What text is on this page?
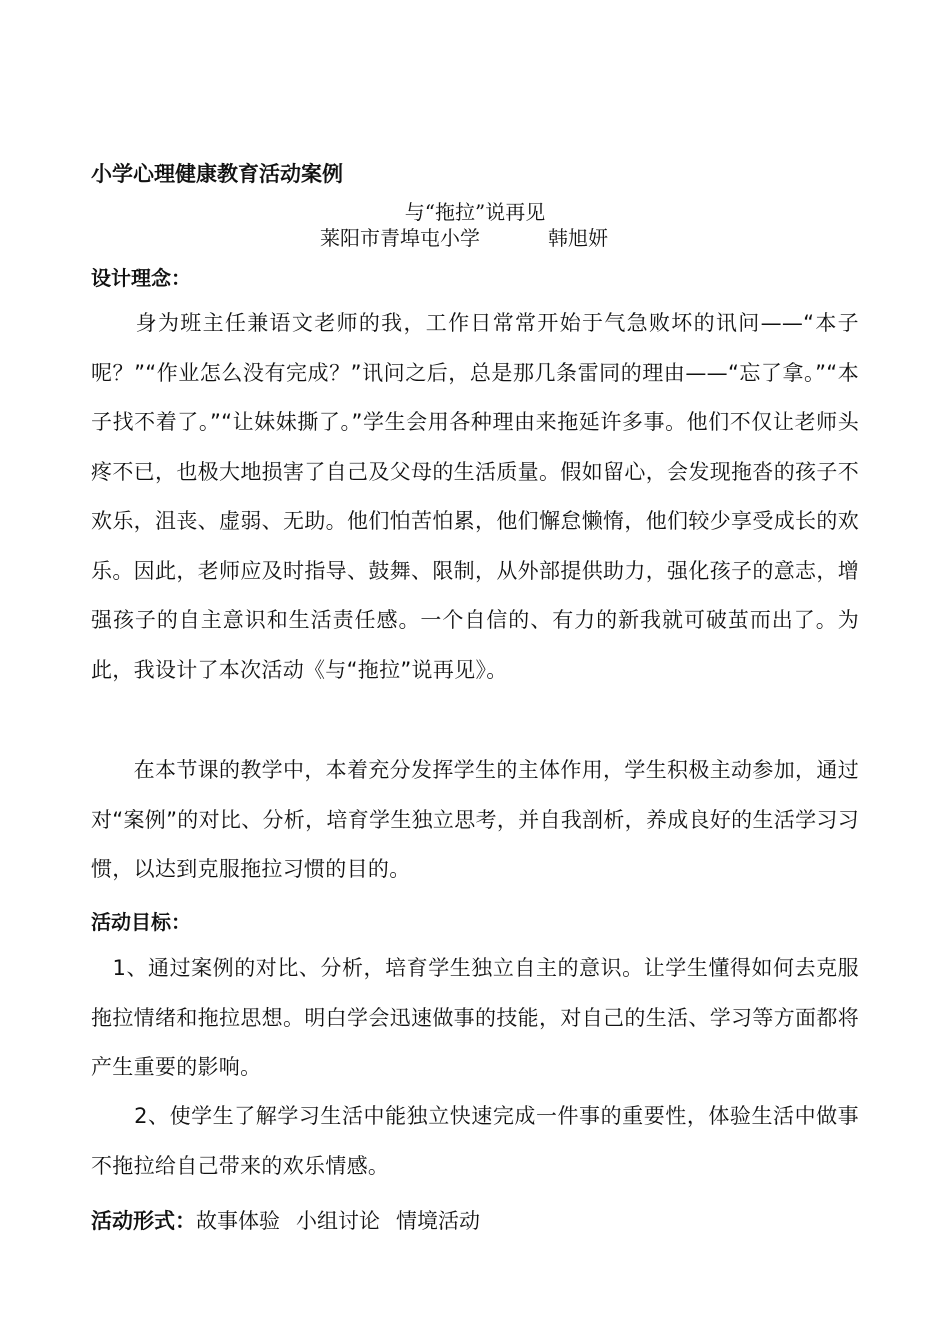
小学心理健康教育活动案例

与“拖拉”说再见

莱阳市青埠屯小学	韩旭妍

设计理念：

　　身为班主任兼语文老师的我，工作日常常开始于气急败坏的讯问——“本子呢？”“作业怎么没有完成？”讯问之后，总是那几条雷同的理由——“忘了拿。”“本子找不着了。”“让妹妹撕了。”学生会用各种理由来拖延许多事。他们不仅让老师头疼不已，也极大地损害了自己及父母的生活质量。假如留心，会发现拖沓的孩子不欢乐，沮丧、虚弱、无助。他们怕苦怕累，他们懈怠懒惰，他们较少享受成长的欢乐。因此，老师应及时指导、鼓舞、限制，从外部提供助力，强化孩子的意志，增强孩子的自主意识和生活责任感。一个自信的、有力的新我就可破茧而出了。为此，我设计了本次活动《与“拖拉”说再见》。

　　在本节课的教学中，本着充分发挥学生的主体作用，学生积极主动参加，通过对“案例”的对比、分析，培育学生独立思考，并自我剖析，养成良好的生活学习习惯，以达到克服拖拉习惯的目的。

活动目标：

　1、通过案例的对比、分析，培育学生独立自主的意识。让学生懂得如何去克服拖拉情绪和拖拉思想。明白学会迅速做事的技能，对自己的生活、学习等方面都将产生重要的影响。

　　2、使学生了解学习生活中能独立快速完成一件事的重要性，体验生活中做事不拖拉给自己带来的欢乐情感。

活动形式：故事体验 小组讨论 情境活动
